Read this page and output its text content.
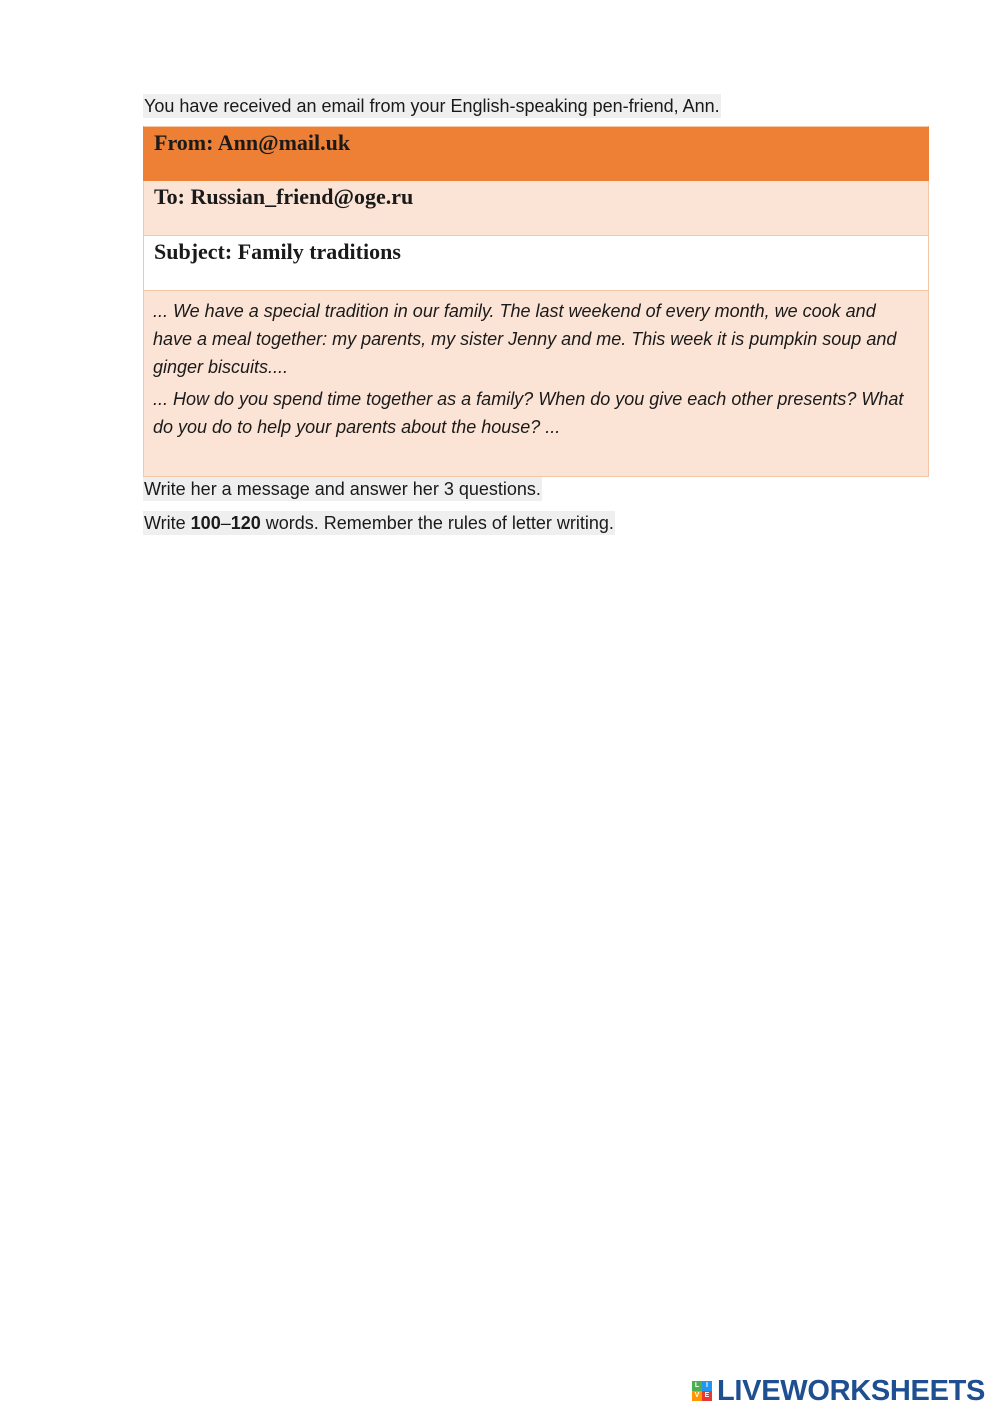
You have received an email from your English-speaking pen-friend, Ann.
From: Ann@mail.uk
To: Russian_friend@oge.ru
Subject: Family traditions

... We have a special tradition in our family. The last weekend of every month, we cook and have a meal together: my parents, my sister Jenny and me. This week it is pumpkin soup and ginger biscuits....

... How do you spend time together as a family? When do you give each other presents? What do you do to help your parents about the house? ...

Write her a message and answer her 3 questions.
Write 100–120 words. Remember the rules of letter writing.
L I
V E LIVEWORKSHEETS
